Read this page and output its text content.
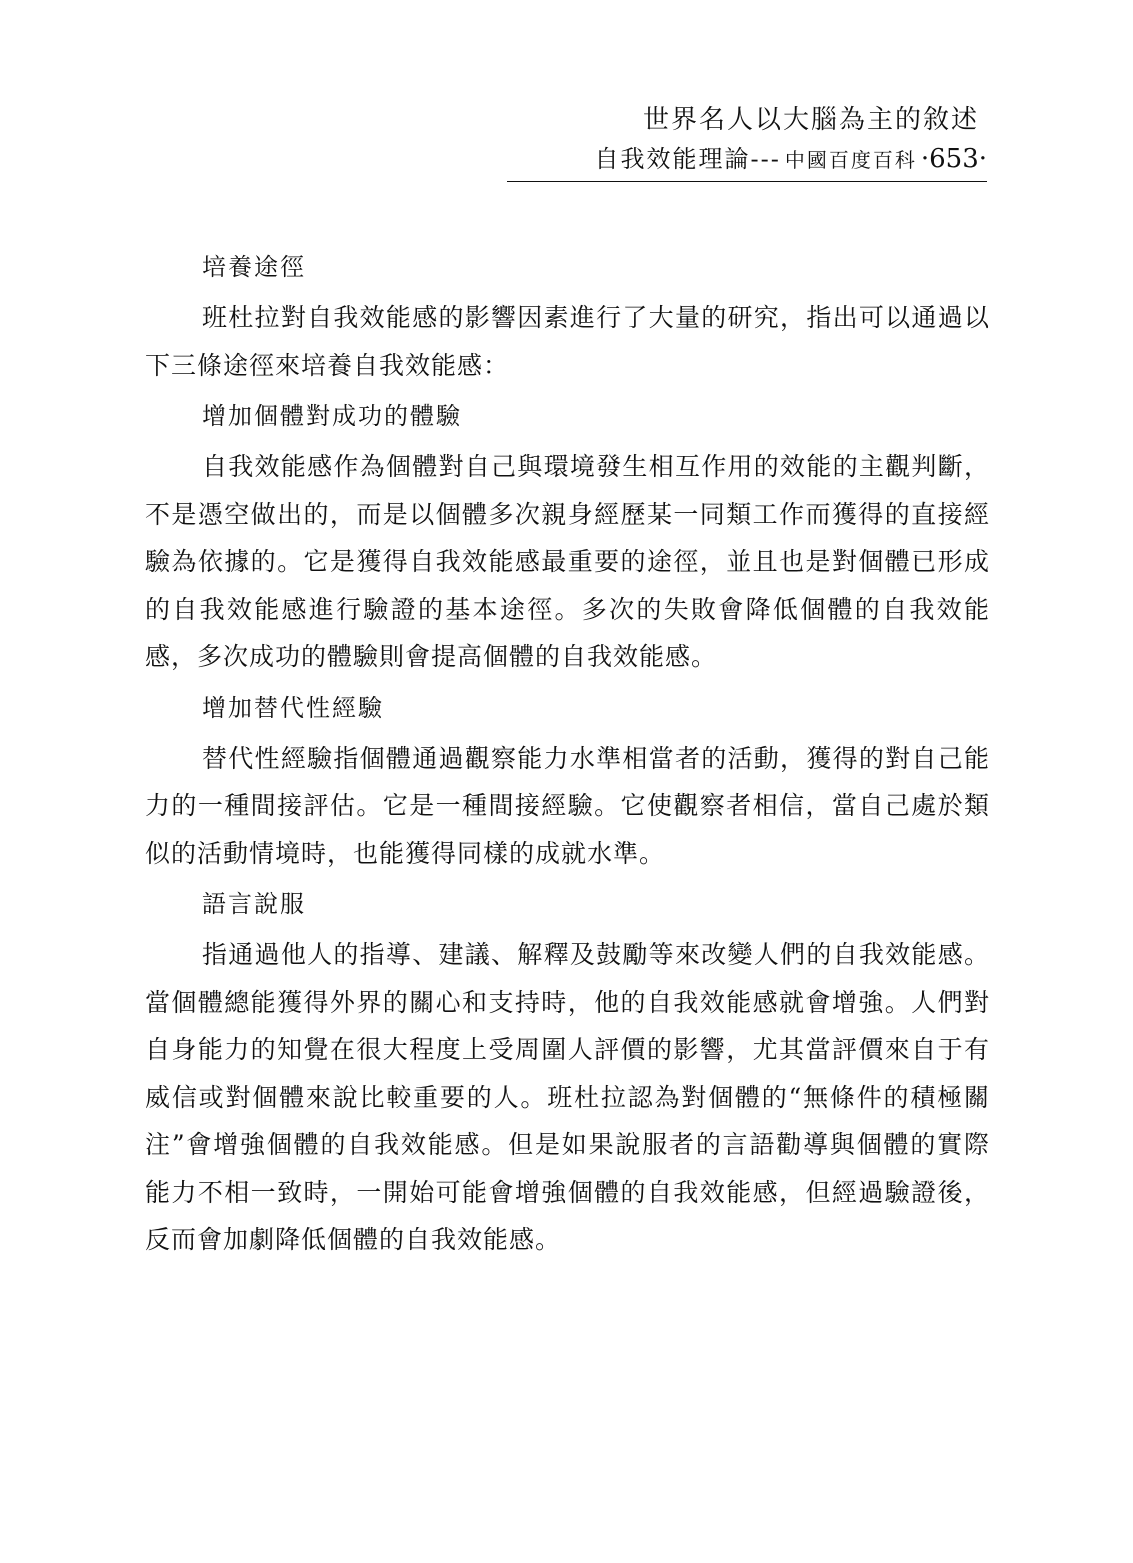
世界名人以大腦為主的敘述
自我效能理論--- 中國百度百科 ·653·
培養途徑

班杜拉對自我效能感的影響因素進行了大量的研究，指出可以通過以下三條途徑來培養自我效能感：

增加個體對成功的體驗

自我效能感作為個體對自己與環境發生相互作用的效能的主觀判斷，不是憑空做出的，而是以個體多次親身經歷某一同類工作而獲得的直接經驗為依據的。它是獲得自我效能感最重要的途徑，並且也是對個體已形成的自我效能感進行驗證的基本途徑。多次的失敗會降低個體的自我效能感，多次成功的體驗則會提高個體的自我效能感。

增加替代性經驗

替代性經驗指個體通過觀察能力水準相當者的活動，獲得的對自己能力的一種間接評估。它是一種間接經驗。它使觀察者相信，當自己處於類似的活動情境時，也能獲得同樣的成就水準。

語言說服

指通過他人的指導、建議、解釋及鼓勵等來改變人們的自我效能感。當個體總能獲得外界的關心和支持時，他的自我效能感就會增強。人們對自身能力的知覺在很大程度上受周圍人評價的影響，尤其當評價來自于有威信或對個體來說比較重要的人。班杜拉認為對個體的“無條件的積極關注”會增強個體的自我效能感。但是如果說服者的言語勸導與個體的實際能力不相一致時，一開始可能會增強個體的自我效能感，但經過驗證後，反而會加劇降低個體的自我效能感。
